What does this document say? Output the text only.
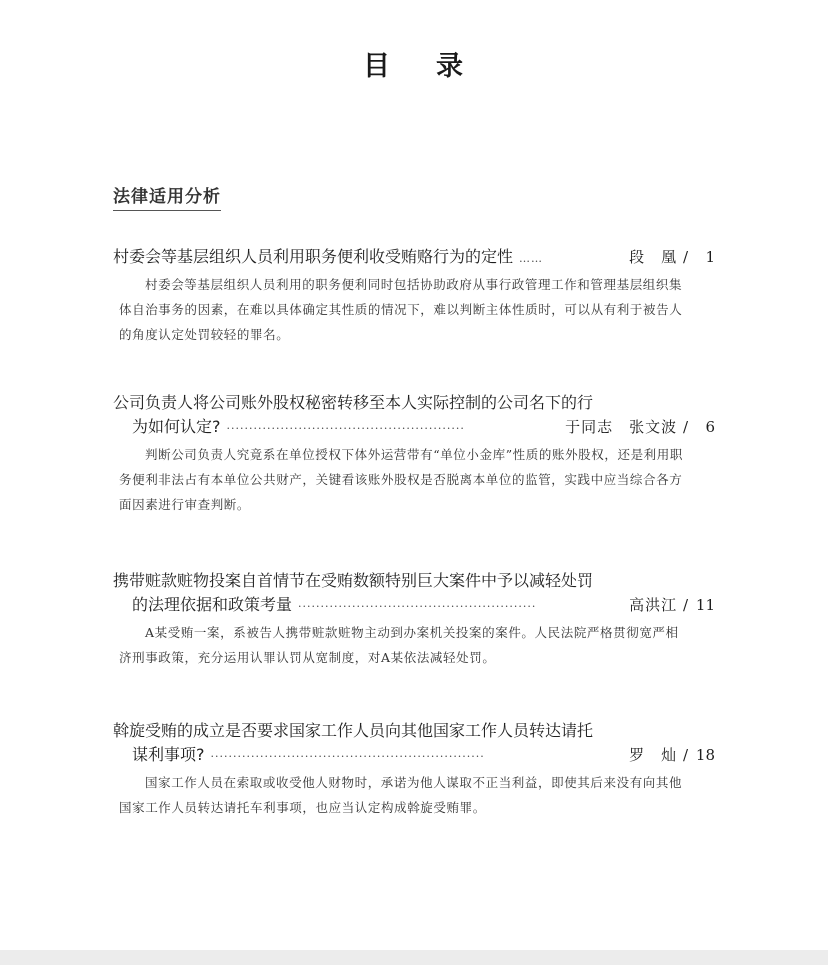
目 录
法律适用分析
村委会等基层组织人员利用职务便利收受贿赂行为的定性 ……	段　凰 /	1
村委会等基层组织人员利用的职务便利同时包括协助政府从事行政管理工作和管理基层组织集体自治事务的因素，在难以具体确定其性质的情况下，难以判断主体性质时，可以从有利于被告人的角度认定处罚较轻的罪名。
公司负责人将公司账外股权秘密转移至本人实际控制的公司名下的行
为如何认定? ·····················································	于同志　张文波 /	6
判断公司负责人究竟系在单位授权下体外运营带有“单位小金库”性质的账外股权，还是利用职务便利非法占有本单位公共财产，关键看该账外股权是否脱离本单位的监管，实践中应当综合各方面因素进行审查判断。
携带赃款赃物投案自首情节在受贿数额特别巨大案件中予以减轻处罚
的法理依据和政策考量 ·····················································	高洪江 / 11
A某受贿一案，系被告人携带赃款赃物主动到办案机关投案的案件。人民法院严格贯彻宽严相济刑事政策，充分运用认罪认罚从宽制度，对A某依法减轻处罚。
斡旋受贿的成立是否要求国家工作人员向其他国家工作人员转达请托
谋利事项? ·····························································	罗　灿 / 18
国家工作人员在索取或收受他人财物时，承诺为他人谋取不正当利益，即使其后来没有向其他国家工作人员转达请托车利事项，也应当认定构成斡旋受贿罪。
